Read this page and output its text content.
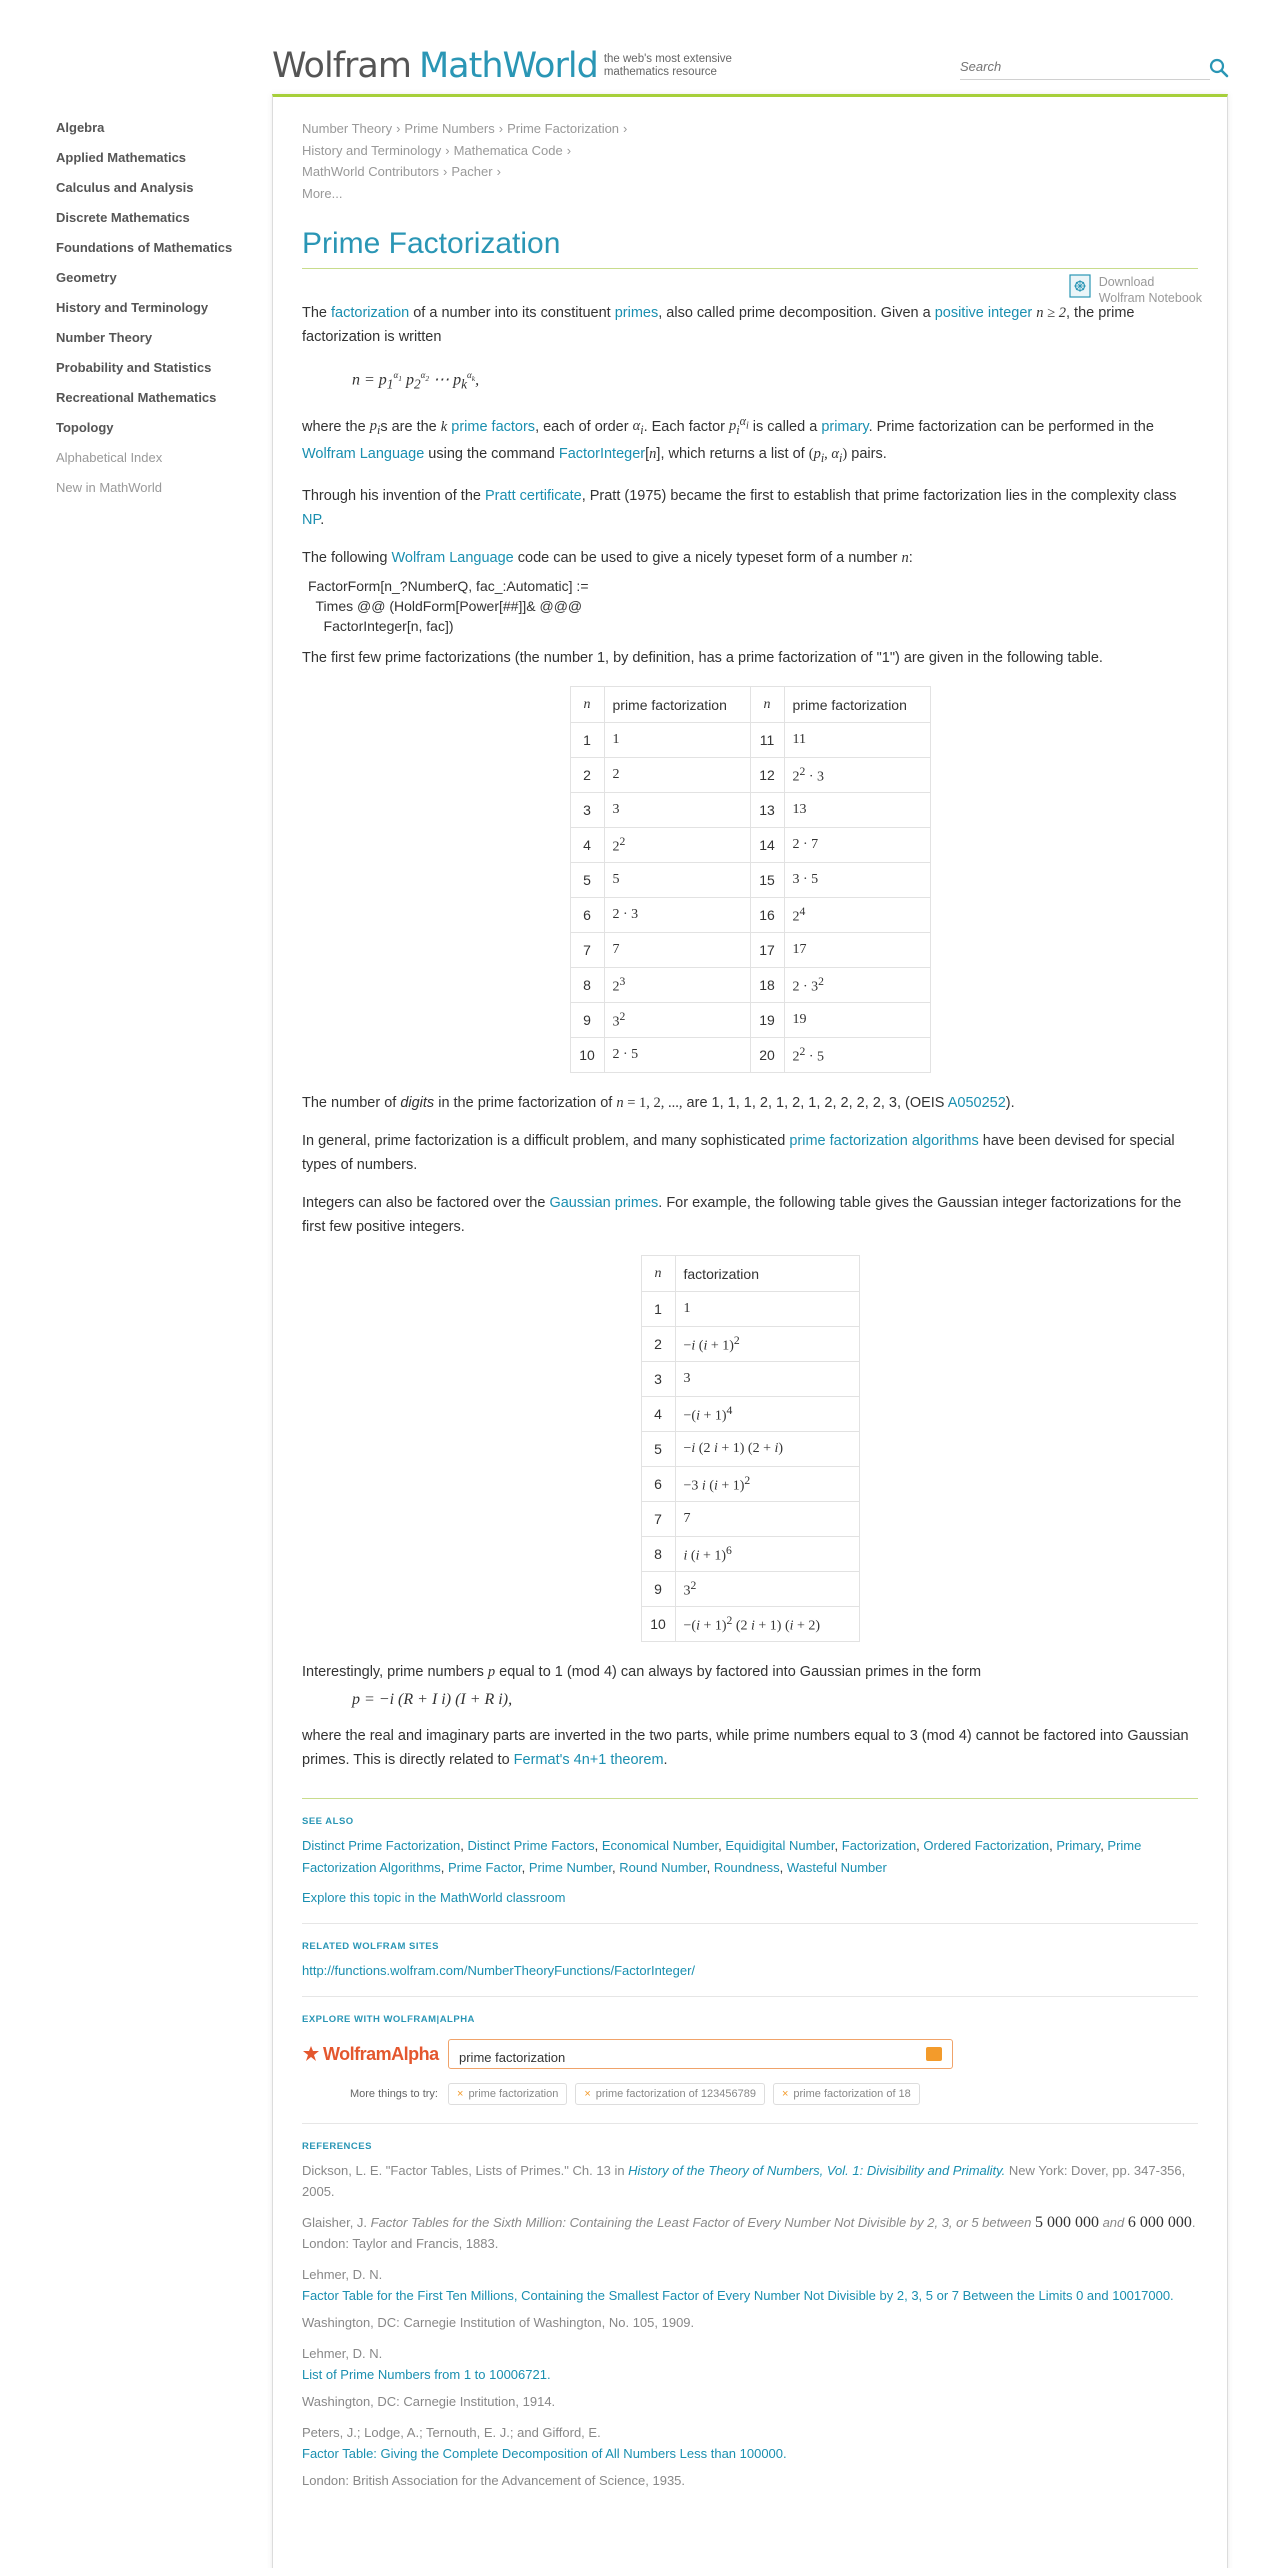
Wolfram MathWorld the web's most extensive mathematics resource
Search
Algebra
Applied Mathematics
Calculus and Analysis
Discrete Mathematics
Foundations of Mathematics
Geometry
History and Terminology
Number Theory
Probability and Statistics
Recreational Mathematics
Topology
Alphabetical Index
New in MathWorld
Number Theory › Prime Numbers › Prime Factorization ›
History and Terminology › Mathematica Code ›
MathWorld Contributors › Pacher ›
More...
Prime Factorization
Download
Wolfram Notebook
The factorization of a number into its constituent primes, also called prime decomposition. Given a positive integer n ≥ 2, the prime factorization is written
$n = p_1^{\alpha_1}$ $p_2^{\alpha_2}$ ⋯ $p_k^{\alpha_k}$,
where the $p_is$ are the k prime factors, each of order $\alpha_i$. Each factor $p_i^{\alpha_i}$ is called a primary. Prime factorization can be performed in the Wolfram Language using the command FactorInteger[n], which returns a list of ($p_i$, $\alpha_i$) pairs.
Through his invention of the Pratt certificate, Pratt (1975) became the first to establish that prime factorization lies in the complexity class NP.
The following Wolfram Language code can be used to give a nicely typeset form of a number n:
FactorForm[n_?NumberQ, fac_:Automatic] :=
Times @@ (HoldForm[Power[##]]& @@@
FactorInteger[n, fac])
The first few prime factorizations (the number 1, by definition, has a prime factorization of "1") are given in the following table.
n	prime factorization	n	prime factorization
1	1	11	11
2	2	12	$2^2 \cdot 3$
3	3	13	13
4	$2^2$	14	2 · 7
5	5	15	3 · 5
6	2 · 3	16	$2^4$
7	7	17	17
8	$2^3$	18	$2 \cdot 3^2$
9	$3^2$	19	19
10	2 · 5	20	$2^2 \cdot 5$
The number of digits in the prime factorization of n = 1, 2, ..., are 1, 1, 1, 2, 1, 2, 1, 2, 2, 2, 2, 3, (OEIS A050252).
In general, prime factorization is a difficult problem, and many sophisticated prime factorization algorithms have been devised for special types of numbers.
Integers can also be factored over the Gaussian primes. For example, the following table gives the Gaussian integer factorizations for the first few positive integers.
n	factorization
1	1
2	−i $(i + 1)^2$
3	3
4	$-(i + 1)^4$
5	−i (2 i + 1) (2 + i)
6	−3 i $(i + 1)^2$
7	7
8	i $(i + 1)^6$
9	$3^2$
10	$-(i + 1)^2$ (2 i + 1) (i + 2)
Interestingly, prime numbers p equal to 1 (mod 4) can always by factored into Gaussian primes in the form
p = −i (R + I i) (I + R i),
where the real and imaginary parts are inverted in the two parts, while prime numbers equal to 3 (mod 4) cannot be factored into Gaussian primes. This is directly related to Fermat's 4n+1 theorem.
SEE ALSO
Distinct Prime Factorization, Distinct Prime Factors, Economical Number, Equidigital Number, Factorization, Ordered Factorization, Primary, Prime Factorization Algorithms, Prime Factor, Prime Number, Round Number, Roundness, Wasteful Number
Explore this topic in the MathWorld classroom
RELATED WOLFRAM SITES
http://functions.wolfram.com/NumberTheoryFunctions/FactorInteger/
EXPLORE WITH WOLFRAM|ALPHA
WolframAlpha	prime factorization
More things to try:	× prime factorization	× prime factorization of 123456789	× prime factorization of 18
REFERENCES
Dickson, L. E. "Factor Tables, Lists of Primes." Ch. 13 in History of the Theory of Numbers, Vol. 1: Divisibility and Primality. New York: Dover, pp. 347-356, 2005.
Glaisher, J. Factor Tables for the Sixth Million: Containing the Least Factor of Every Number Not Divisible by 2, 3, or 5 between 5 000 000 and 6 000 000. London: Taylor and Francis, 1883.
Lehmer, D. N.
Factor Table for the First Ten Millions, Containing the Smallest Factor of Every Number Not Divisible by 2, 3, 5 or 7 Between the Limits 0 and 10017000.
Washington, DC: Carnegie Institution of Washington, No. 105, 1909.
Lehmer, D. N.
List of Prime Numbers from 1 to 10006721.
Washington, DC: Carnegie Institution, 1914.
Peters, J.; Lodge, A.; Ternouth, E. J.; and Gifford, E.
Factor Table: Giving the Complete Decomposition of All Numbers Less than 100000.
London: British Association for the Advancement of Science, 1935.
